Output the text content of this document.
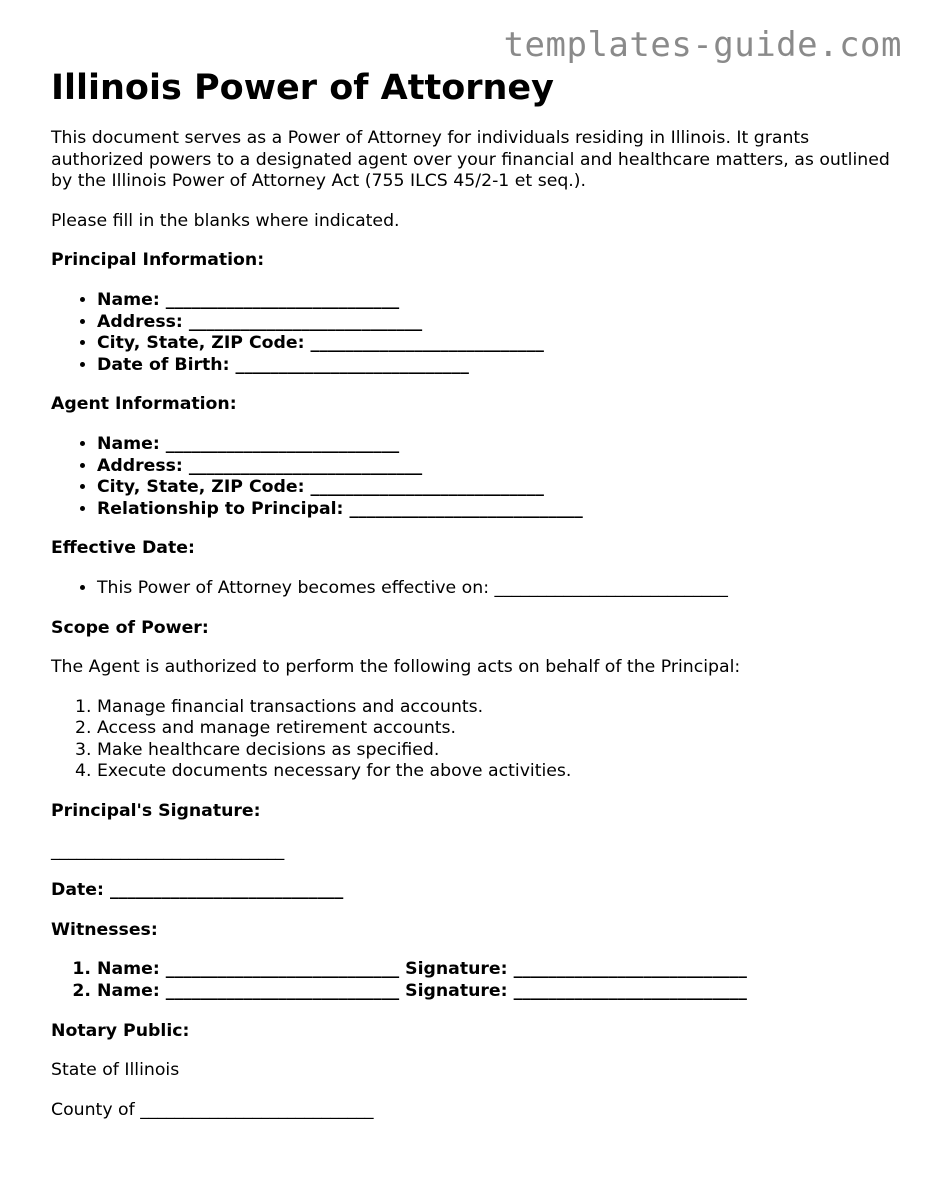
templates-guide.com
Illinois Power of Attorney

This document serves as a Power of Attorney for individuals residing in Illinois. It grants authorized powers to a designated agent over your financial and healthcare matters, as outlined by the Illinois Power of Attorney Act (755 ILCS 45/2-1 et seq.).

Please fill in the blanks where indicated.

Principal Information:

• Name: ___________________________
• Address: ___________________________
• City, State, ZIP Code: ___________________________
• Date of Birth: ___________________________

Agent Information:

• Name: ___________________________
• Address: ___________________________
• City, State, ZIP Code: ___________________________
• Relationship to Principal: ___________________________

Effective Date:

• This Power of Attorney becomes effective on: ___________________________

Scope of Power:

The Agent is authorized to perform the following acts on behalf of the Principal:

1. Manage financial transactions and accounts.
2. Access and manage retirement accounts.
3. Make healthcare decisions as specified.
4. Execute documents necessary for the above activities.

Principal's Signature:

___________________________

Date: ___________________________

Witnesses:

1. Name: ___________________________ Signature: ___________________________
2. Name: ___________________________ Signature: ___________________________

Notary Public:

State of Illinois

County of ___________________________
